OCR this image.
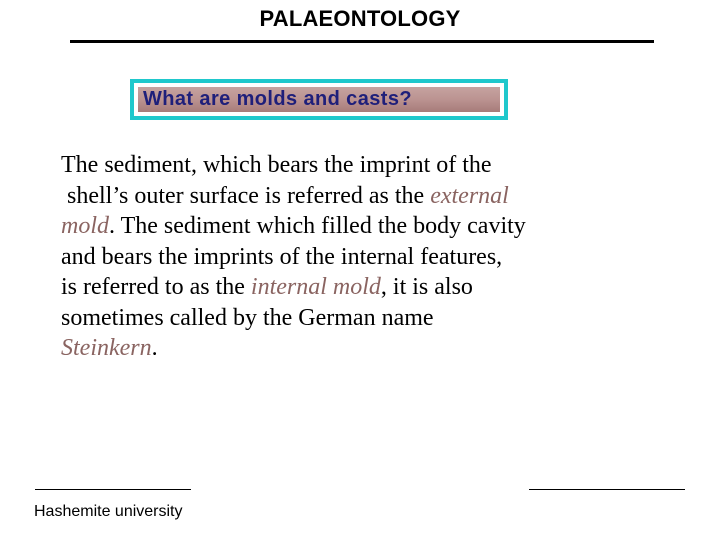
PALAEONTOLOGY
What are molds and casts?
The sediment, which bears the imprint of the
shell’s outer surface is referred as the external
mold. The sediment which filled the body cavity
and bears the imprints of the internal features,
is referred to as the internal mold, it is also
sometimes called by the German name
Steinkern.
Hashemite university
